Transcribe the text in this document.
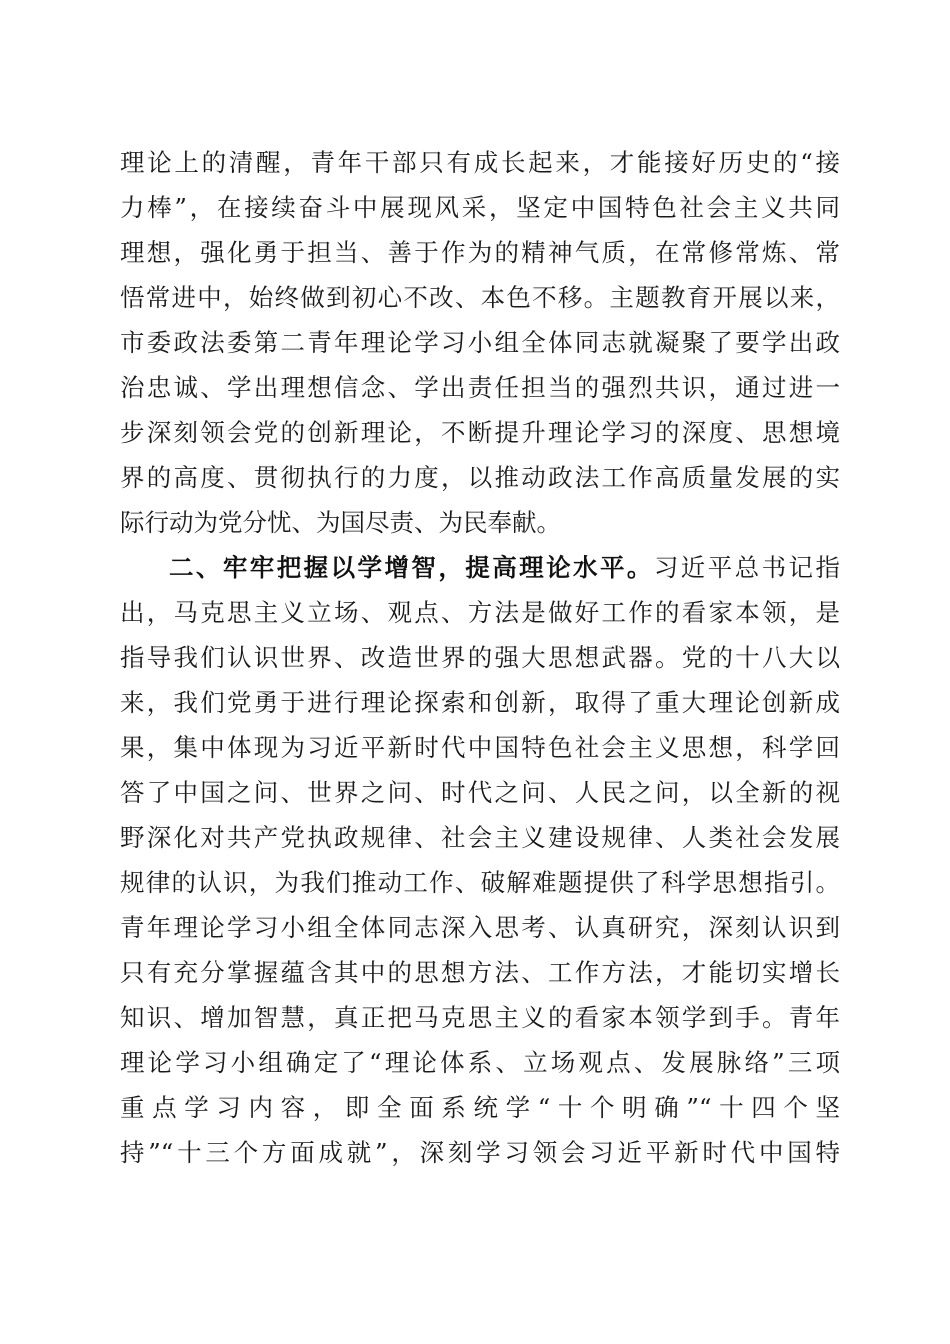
理论上的清醒，青年干部只有成长起来，才能接好历史的“接
力棒”，在接续奋斗中展现风采，坚定中国特色社会主义共同
理想，强化勇于担当、善于作为的精神气质，在常修常炼、常
悟常进中，始终做到初心不改、本色不移。主题教育开展以来，
市委政法委第二青年理论学习小组全体同志就凝聚了要学出政
治忠诚、学出理想信念、学出责任担当的强烈共识，通过进一
步深刻领会党的创新理论，不断提升理论学习的深度、思想境
界的高度、贯彻执行的力度，以推动政法工作高质量发展的实
际行动为党分忧、为国尽责、为民奉献。
二、牢牢把握以学增智，提高理论水平。习近平总书记指
出，马克思主义立场、观点、方法是做好工作的看家本领，是
指导我们认识世界、改造世界的强大思想武器。党的十八大以
来，我们党勇于进行理论探索和创新，取得了重大理论创新成
果，集中体现为习近平新时代中国特色社会主义思想，科学回
答了中国之问、世界之问、时代之问、人民之问，以全新的视
野深化对共产党执政规律、社会主义建设规律、人类社会发展
规律的认识，为我们推动工作、破解难题提供了科学思想指引。
青年理论学习小组全体同志深入思考、认真研究，深刻认识到
只有充分掌握蕴含其中的思想方法、工作方法，才能切实增长
知识、增加智慧，真正把马克思主义的看家本领学到手。青年
理论学习小组确定了“理论体系、立场观点、发展脉络”三项
重点学习内容，即全面系统学“十个明确”“十四个坚
持”“十三个方面成就”，深刻学习领会习近平新时代中国特
